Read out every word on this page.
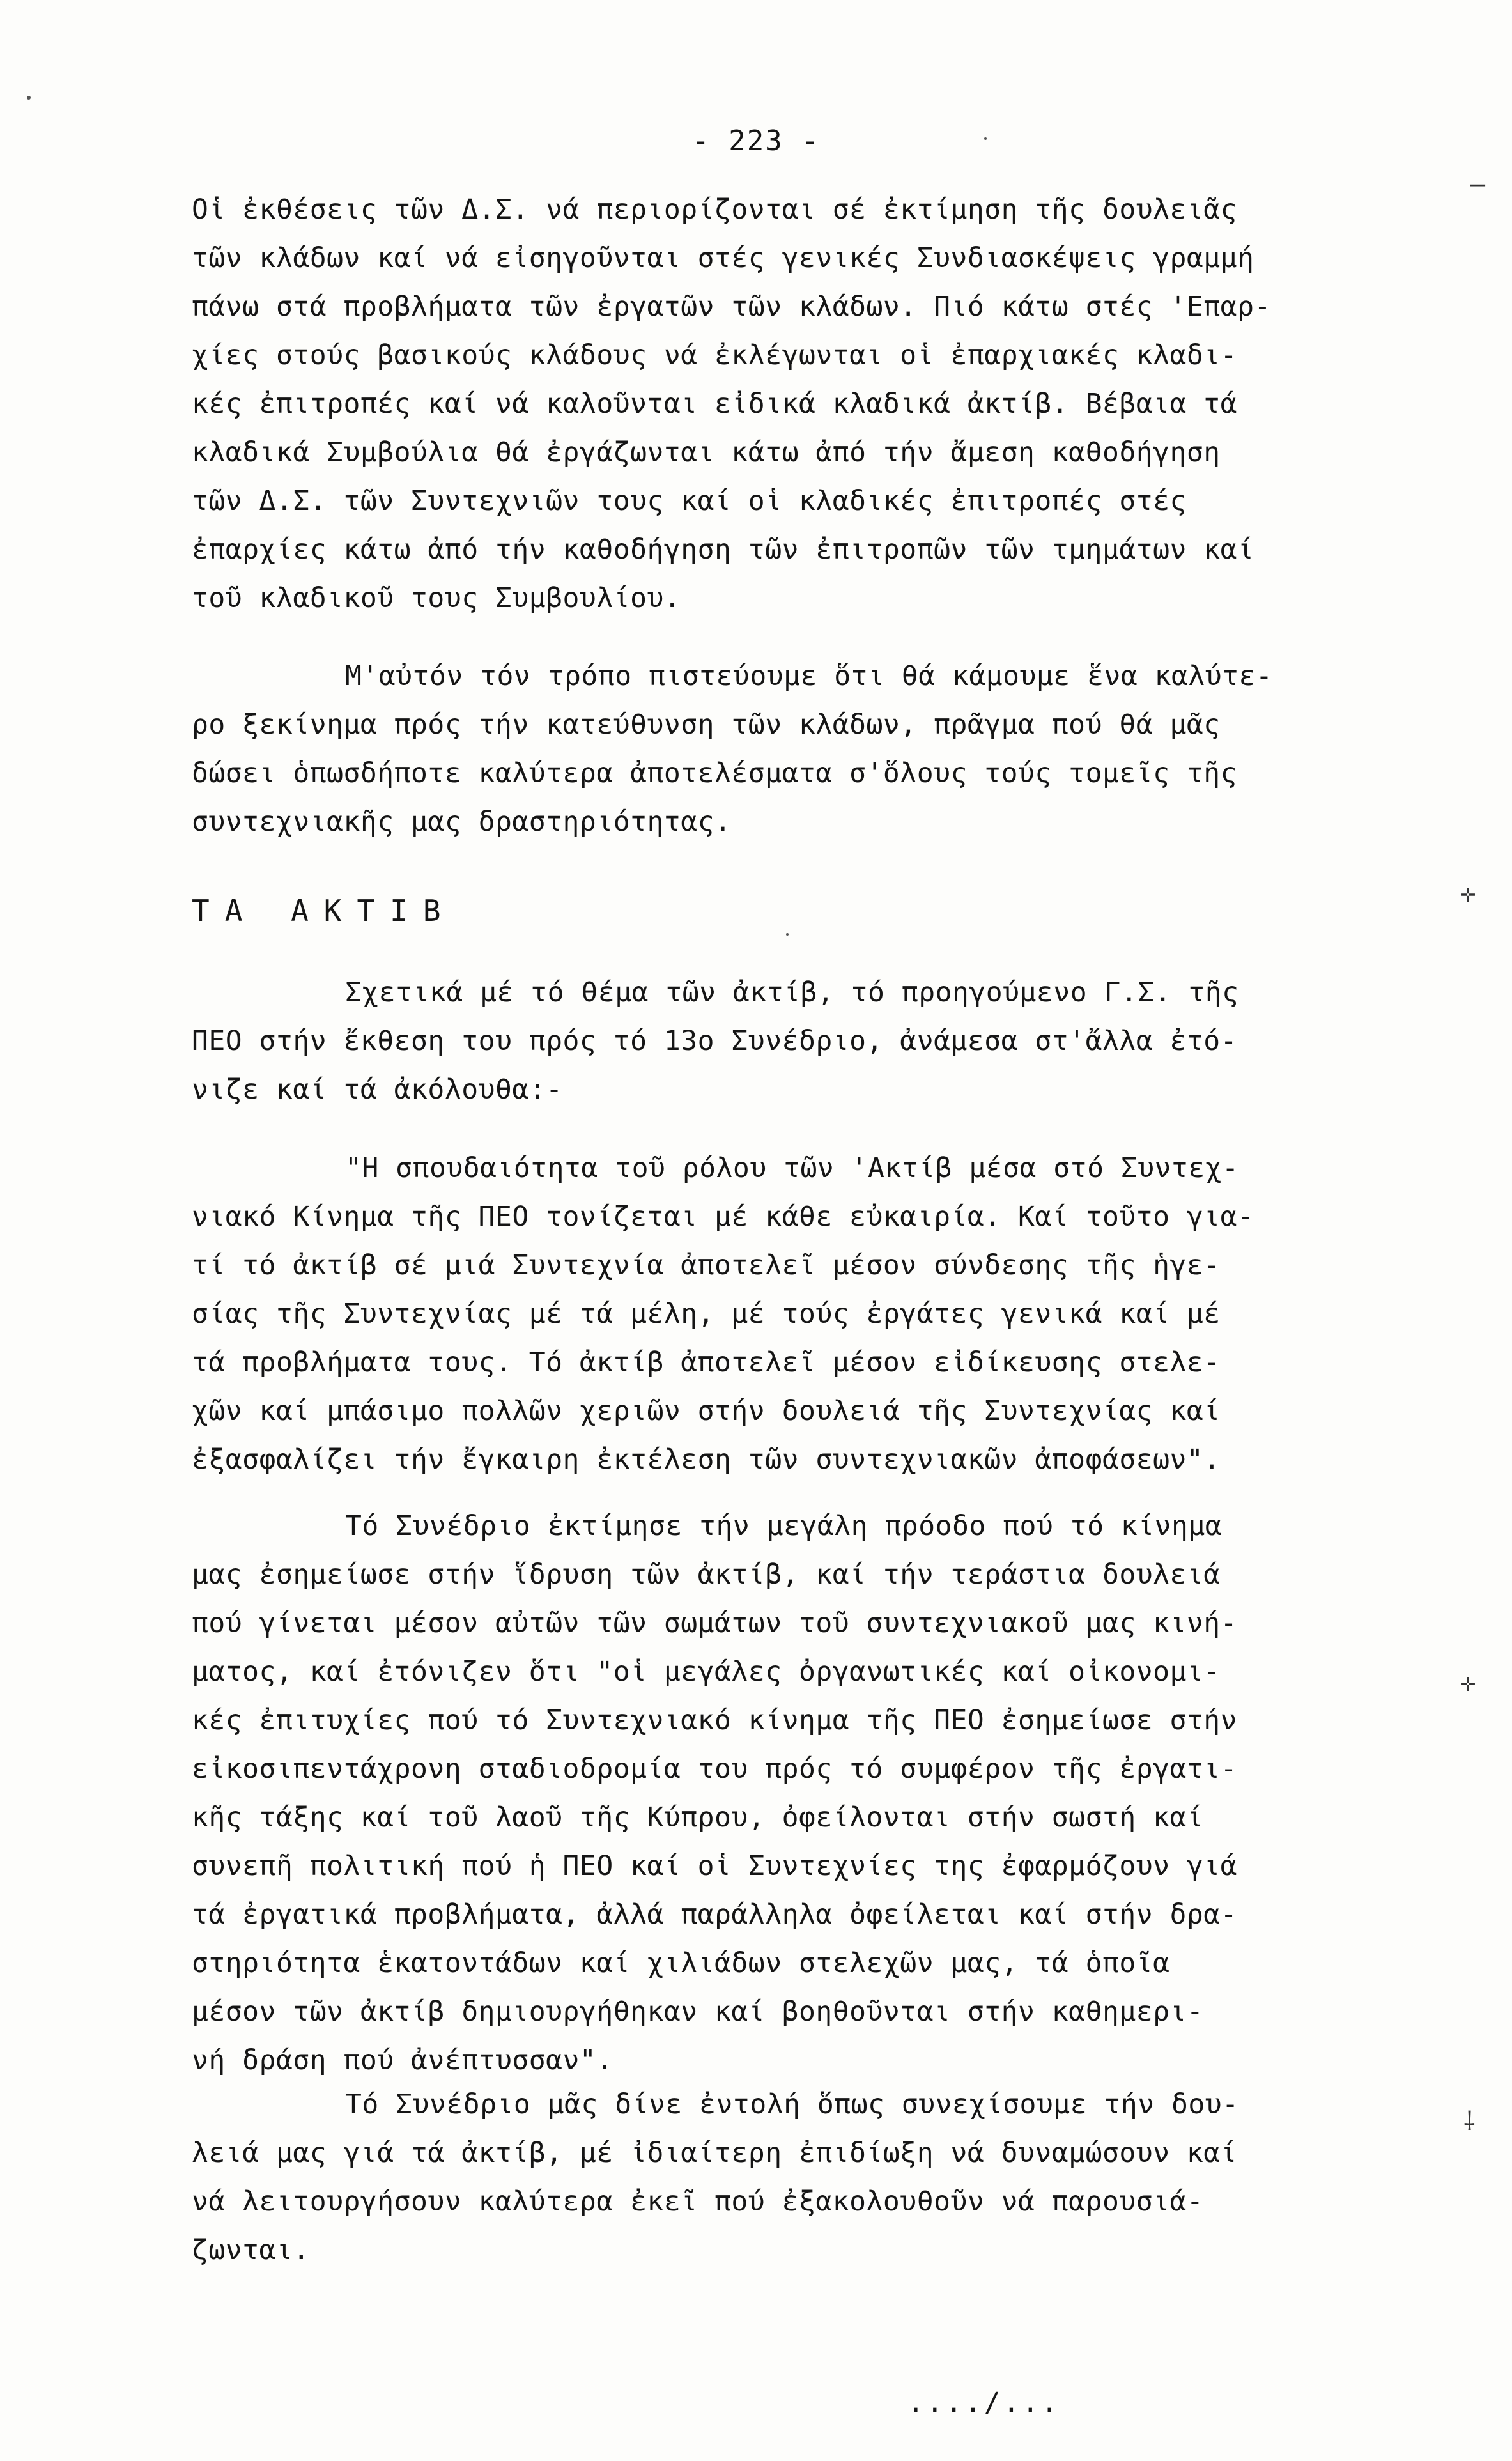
- 223 -
Οἱ ἐκθέσεις τῶν Δ.Σ. νά περιορίζονται σέ ἐκτίμηση τῆς δουλειᾶς
τῶν κλάδων καί νά εἰσηγοῦνται στές γενικές Συνδιασκέψεις γραμμή
πάνω στά προβλήματα τῶν ἐργατῶν τῶν κλάδων. Πιό κάτω στές 'Επαρ-
χίες στούς βασικούς κλάδους νά ἐκλέγωνται οἱ ἐπαρχιακές κλαδι-
κές ἐπιτροπές καί νά καλοῦνται εἰδικά κλαδικά ἀκτίβ. Βέβαια τά
κλαδικά Συμβούλια θά ἐργάζωνται κάτω ἀπό τήν ἄμεση καθοδήγηση
τῶν Δ.Σ. τῶν Συντεχνιῶν τους καί οἱ κλαδικές ἐπιτροπές στές
ἐπαρχίες κάτω ἀπό τήν καθοδήγηση τῶν ἐπιτροπῶν τῶν τμημάτων καί
τοῦ κλαδικοῦ τους Συμβουλίου.
Μ'αὐτόν τόν τρόπο πιστεύουμε ὅτι θά κάμουμε ἕνα καλύτε-
ρο ξεκίνημα πρός τήν κατεύθυνση τῶν κλάδων, πρᾶγμα πού θά μᾶς
δώσει ὁπωσδήποτε καλύτερα ἀποτελέσματα σ'ὅλους τούς τομεῖς τῆς
συντεχνιακῆς μας δραστηριότητας.
ΤΑ ΑΚΤΙΒ
Σχετικά μέ τό θέμα τῶν ἀκτίβ, τό προηγούμενο Γ.Σ. τῆς
ΠΕΟ στήν ἔκθεση του πρός τό 13ο Συνέδριο, ἀνάμεσα στ'ἄλλα ἐτό-
νιζε καί τά ἀκόλουθα:-
"Η σπουδαιότητα τοῦ ρόλου τῶν 'Ακτίβ μέσα στό Συντεχ-
νιακό Κίνημα τῆς ΠΕΟ τονίζεται μέ κάθε εὐκαιρία. Καί τοῦτο για-
τί τό ἀκτίβ σέ μιά Συντεχνία ἀποτελεῖ μέσον σύνδεσης τῆς ἡγε-
σίας τῆς Συντεχνίας μέ τά μέλη, μέ τούς ἐργάτες γενικά καί μέ
τά προβλήματα τους. Τό ἀκτίβ ἀποτελεῖ μέσον εἰδίκευσης στελε-
χῶν καί μπάσιμο πολλῶν χεριῶν στήν δουλειά τῆς Συντεχνίας καί
ἐξασφαλίζει τήν ἔγκαιρη ἐκτέλεση τῶν συντεχνιακῶν ἀποφάσεων".
Τό Συνέδριο ἐκτίμησε τήν μεγάλη πρόοδο πού τό κίνημα
μας ἐσημείωσε στήν ἵδρυση τῶν ἀκτίβ, καί τήν τεράστια δουλειά
πού γίνεται μέσον αὐτῶν τῶν σωμάτων τοῦ συντεχνιακοῦ μας κινή-
ματος, καί ἐτόνιζεν ὅτι "οἱ μεγάλες ὀργανωτικές καί οἰκονομι-
κές ἐπιτυχίες πού τό Συντεχνιακό κίνημα τῆς ΠΕΟ ἐσημείωσε στήν
εἰκοσιπεντάχρονη σταδιοδρομία του πρός τό συμφέρον τῆς ἐργατι-
κῆς τάξης καί τοῦ λαοῦ τῆς Κύπρου, ὀφείλονται στήν σωστή καί
συνεπῆ πολιτική πού ἡ ΠΕΟ καί οἱ Συντεχνίες της ἐφαρμόζουν γιά
τά ἐργατικά προβλήματα, ἀλλά παράλληλα ὀφείλεται καί στήν δρα-
στηριότητα ἑκατοντάδων καί χιλιάδων στελεχῶν μας, τά ὁποῖα
μέσον τῶν ἀκτίβ δημιουργήθηκαν καί βοηθοῦνται στήν καθημερι-
νή δράση πού ἀνέπτυσσαν".
Τό Συνέδριο μᾶς δίνε ἐντολή ὅπως συνεχίσουμε τήν δου-
λειά μας γιά τά ἀκτίβ, μέ ἰδιαίτερη ἐπιδίωξη νά δυναμώσουν καί
νά λειτουργήσουν καλύτερα ἐκεῖ πού ἐξακολουθοῦν νά παρουσιά-
ζωνται.
..../...
✛
✛
⸸
‒
